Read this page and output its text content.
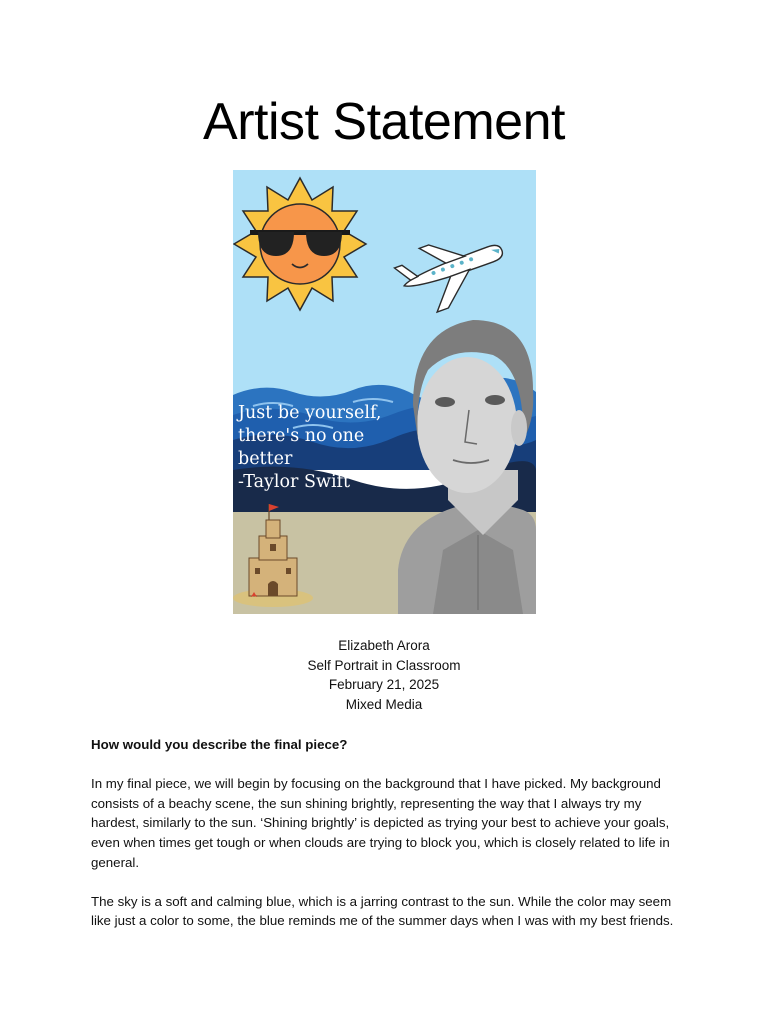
Artist Statement
Just be yourself,
there's no one
better
-Taylor Swift
Elizabeth Arora
Self Portrait in Classroom
February 21, 2025
Mixed Media

How would you describe the final piece?

In my final piece, we will begin by focusing on the background that I have picked. My background consists of a beachy scene, the sun shining brightly, representing the way that I always try my hardest, similarly to the sun. ‘Shining brightly’ is depicted as trying your best to achieve your goals, even when times get tough or when clouds are trying to block you, which is closely related to life in general.

The sky is a soft and calming blue, which is a jarring contrast to the sun. While the color may seem like just a color to some, the blue reminds me of the summer days when I was with my best friends.
